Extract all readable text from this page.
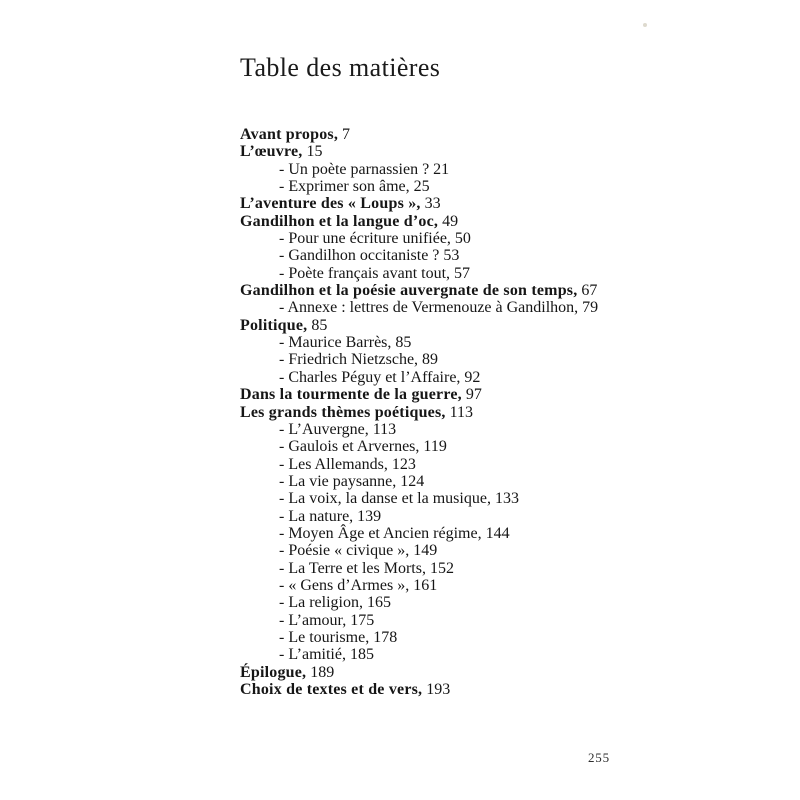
Table des matières
Avant propos, 7
L’œuvre, 15
- Un poète parnassien ? 21
- Exprimer son âme, 25
L’aventure des « Loups », 33
Gandilhon et la langue d’oc, 49
- Pour une écriture unifiée, 50
- Gandilhon occitaniste ? 53
- Poète français avant tout, 57
Gandilhon et la poésie auvergnate de son temps, 67
- Annexe : lettres de Vermenouze à Gandilhon, 79
Politique, 85
- Maurice Barrès, 85
- Friedrich Nietzsche, 89
- Charles Péguy et l’Affaire, 92
Dans la tourmente de la guerre, 97
Les grands thèmes poétiques, 113
- L’Auvergne, 113
- Gaulois et Arvernes, 119
- Les Allemands, 123
- La vie paysanne, 124
- La voix, la danse et la musique, 133
- La nature, 139
- Moyen Âge et Ancien régime, 144
- Poésie « civique », 149
- La Terre et les Morts, 152
- « Gens d’Armes », 161
- La religion, 165
- L’amour, 175
- Le tourisme, 178
- L’amitié, 185
Épilogue, 189
Choix de textes et de vers, 193
255
